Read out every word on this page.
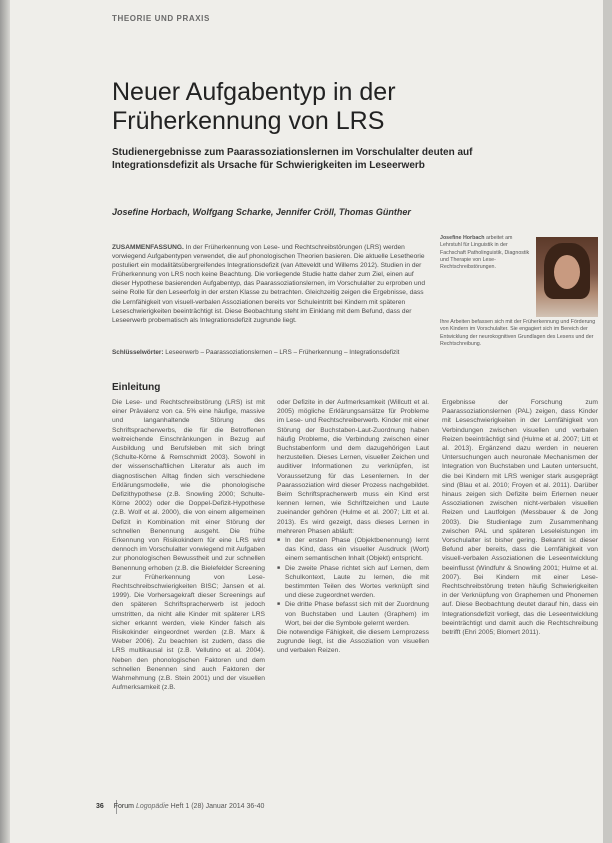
THEORIE UND PRAXIS
Neuer Aufgabentyp in der Früherkennung von LRS
Studienergebnisse zum Paarassoziationslernen im Vorschulalter deuten auf Integrationsdefizit als Ursache für Schwierigkeiten im Leseerwerb
Josefine Horbach, Wolfgang Scharke, Jennifer Cröll, Thomas Günther
ZUSAMMENFASSUNG. In der Früherkennung von Lese- und Rechtschreibstörungen (LRS) werden vorwiegend Aufgabentypen verwendet, die auf phonologischen Theorien basieren. Die aktuelle Lesetheorie postuliert ein modalitätsübergreifendes Integrationsdefizit (van Atteveldt und Willems 2012). Studien in der Früherkennung von LRS noch keine Beachtung. Die vorliegende Studie hatte daher zum Ziel, einen auf dieser Hypothese basierenden Aufgabentyp, das Paarassoziationslernen, im Vorschulalter zu erproben und seine Rolle für den Leseerfolg in der ersten Klasse zu betrachten. Gleichzeitig zeigen die Ergebnisse, dass die Lernfähigkeit von visuell-verbalen Assoziationen bereits vor Schuleintritt bei Kindern mit späteren Leseschwierigkeiten beeinträchtigt ist. Diese Beobachtung steht im Einklang mit dem Befund, dass der Leseerwerb probematisch als Integrationsdefizit zugrunde liegt.
Schlüsselwörter: Leseerwerb – Paarassoziationslernen – LRS – Früherkennung – Integrationsdefizit
Josefine Horbach arbeitet am Lehrstuhl für Linguistik in der Fachschaft Patholinguistik, Diagnostik und Therapie von Lese-Rechtschreibstörungen.
Ihre Arbeiten befassen sich mit der Früherkennung und Förderung von Kindern im Vorschulalter. Sie engagiert sich im Bereich der Entwicklung der neurokognitiven Grundlagen des Lesens und der Rechtschreibung.
Einleitung

Die Lese- und Rechtschreibstörung (LRS) ist mit einer Prävalenz von ca. 5% eine häufige, massive und langanhaltende Störung des Schriftspracherwerbs, die für die Betroffenen weitreichende Einschränkungen in Bezug auf Ausbildung und Berufsleben mit sich bringt (Schulte-Körne & Remschmidt 2003). Sowohl in der wissenschaftlichen Literatur als auch im diagnostischen Alltag finden sich verschiedene Erklärungsmodelle, wie die phonologische Defizithypothese (z.B. Snowling 2000; Schulte-Körne 2002) oder die Doppel-Defizit-Hypothese (z.B. Wolf et al. 2000), die von einem allgemeinen Defizit in Kombination mit einer Störung der schnellen Benennung ausgeht. Die frühe Erkennung von Risikokindern für eine LRS wird dennoch im Vorschulalter vorwiegend mit Aufgaben zur phonologischen Bewusstheit und zur schnellen Benennung erhoben (z.B. die Bielefelder Screening zur Früherkennung von Lese-Rechtschreibschwierigkeiten BISC; Jansen et al. 1999). Die Vorhersagekraft dieser Screenings auf den späteren Schriftspracherwerb ist jedoch umstritten, da nicht alle Kinder mit späterer LRS sicher erkannt werden, viele Kinder falsch als Risikokinder eingeordnet werden (z.B. Marx & Weber 2006). Zu beachten ist zudem, dass die LRS multikausal ist (z.B. Vellutino et al. 2004). Neben den phonologischen Faktoren und dem schnellen Benennen sind auch Faktoren der Wahrnehmung (z.B. Stein 2001) und der visuellen Aufmerksamkeit (z.B.

oder Defizite in der Aufmerksamkeit (Willcutt et al. 2005) mögliche Erklärungsansätze für Probleme im Lese- und Rechtschreiberwerb. Kinder mit einer Störung der Buchstaben-Laut-Zuordnung haben häufig Probleme, die Verbindung zwischen einer Buchstabenform und dem dazugehörigen Laut herzustellen. Dieses Lernen, visueller Zeichen und auditiver Informationen zu verknüpfen, ist Voraussetzung für das Lesenlernen. In der Paarassoziation wird dieser Prozess nachgebildet. Beim Schriftspracherwerb muss ein Kind erst kennen lernen, wie Schriftzeichen und Laute zueinander gehören (Hulme et al. 2007; Litt et al. 2013). Es wird gezeigt, dass dieses Lernen in mehreren Phasen abläuft:

■ In der ersten Phase (Objektbenennung) lernt das Kind, dass ein visueller Ausdruck (Wort) einem semantischen Inhalt (Objekt) entspricht.
■ Die zweite Phase richtet sich auf Lernen, dem Schulkontext, Laute zu lernen, die mit bestimmten Teilen des Wortes verknüpft sind und diese zugeordnet werden.
■ Die dritte Phase befasst sich mit der Zuordnung von Buchstaben und Lauten (Graphem) im Wort, bei der die Symbole gelernt werden.

Die notwendige Fähigkeit, die diesem Lernprozess zugrunde liegt, ist die Assoziation von visuellen und verbalen Reizen.

Ergebnisse der Forschung zum Paarassoziationslernen (PAL) zeigen, dass Kinder mit Leseschwierigkeiten in der Lernfähigkeit von Verbindungen zwischen visuellen und verbalen Reizen beeinträchtigt sind (Hulme et al. 2007; Litt et al. 2013). Ergänzend dazu werden in neueren Untersuchungen auch neuronale Mechanismen der Integration von Buchstaben und Lauten untersucht, die bei Kindern mit LRS weniger stark ausgeprägt sind (Blau et al. 2010; Froyen et al. 2011). Darüber hinaus zeigen sich Defizite beim Erlernen neuer Assoziationen zwischen nicht-verbalen visuellen Reizen und Lautfolgen (Messbauer & de Jong 2003). Die Studienlage zum Zusammenhang zwischen PAL und späteren Leseleistungen im Vorschulalter ist bisher gering. Bekannt ist dieser Befund aber bereits, dass die Lernfähigkeit von visuell-verbalen Assoziationen die Leseentwicklung beeinflusst (Windfuhr & Snowling 2001; Hulme et al. 2007). Bei Kindern mit einer Lese-Rechtschreibstörung treten häufig Schwierigkeiten in der Verknüpfung von Graphemen und Phonemen auf. Diese Beobachtung deutet darauf hin, dass ein Integrationsdefizit vorliegt, das die Leseentwicklung beeinträchtigt und damit auch die Rechtschreibung betrifft (Ehri 2005; Blomert 2011).

36 Forum Logopädie Heft 1 (28) Januar 2014 36-40
